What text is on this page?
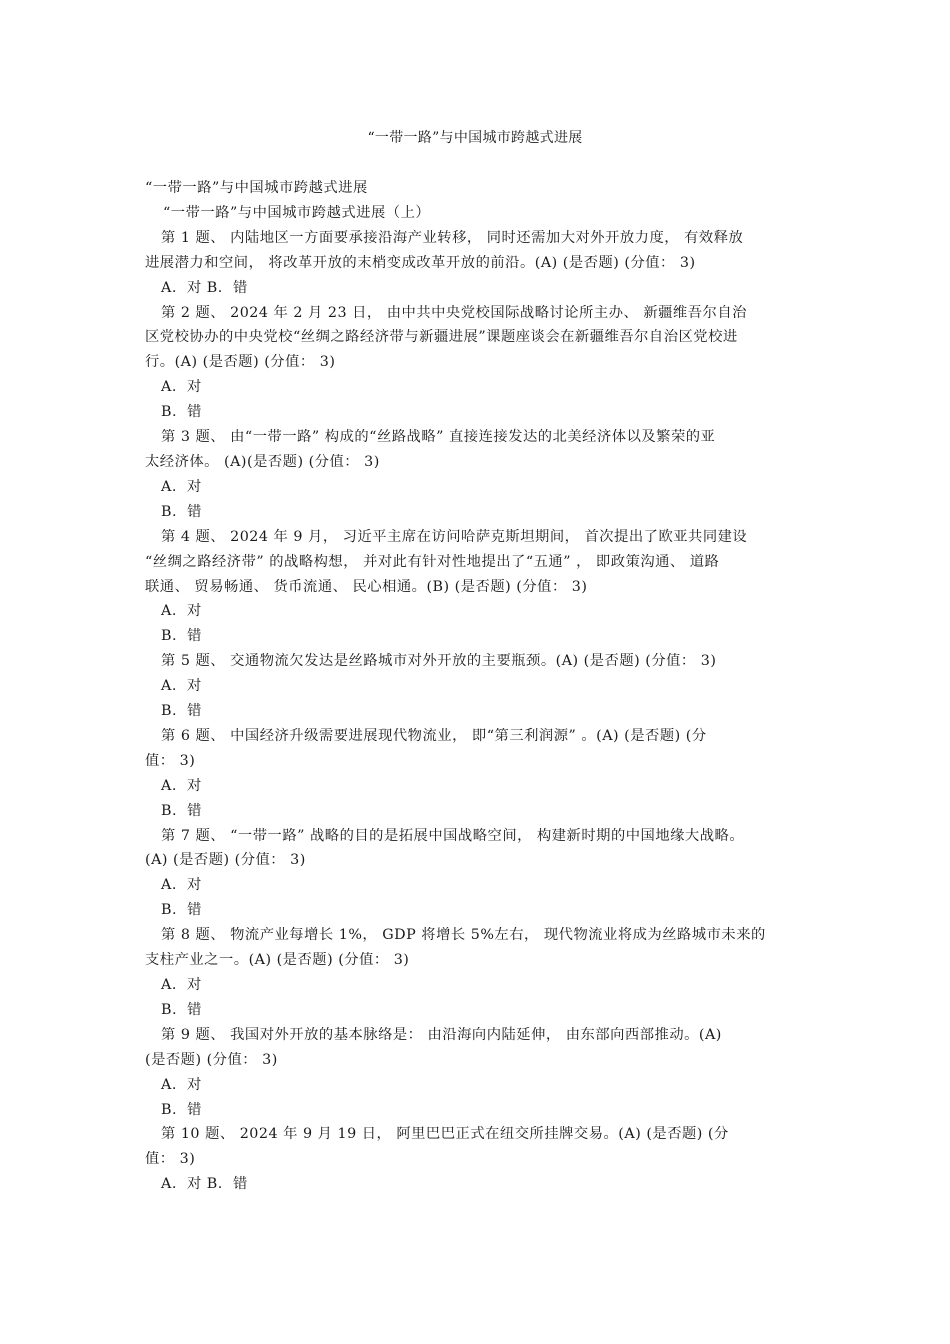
“一带一路”与中国城市跨越式进展
“一带一路”与中国城市跨越式进展
“一带一路”与中国城市跨越式进展（上）
第 1 题、 内陆地区一方面要承接沿海产业转移， 同时还需加大对外开放力度， 有效释放
进展潜力和空间， 将改革开放的末梢变成改革开放的前沿。(A) (是否题) (分值： 3)
A.  对 B.  错
第 2 题、 2024 年 2 月 23 日， 由中共中央党校国际战略讨论所主办、 新疆维吾尔自治
区党校协办的中央党校“丝绸之路经济带与新疆进展”课题座谈会在新疆维吾尔自治区党校进
行。(A) (是否题) (分值： 3)
A.  对
B.  错
第 3 题、 由“一带一路” 构成的“丝路战略” 直接连接发达的北美经济体以及繁荣的亚
太经济体。 (A)(是否题) (分值： 3)
A.  对
B.  错
第 4 题、 2024 年 9 月， 习近平主席在访问哈萨克斯坦期间， 首次提出了欧亚共同建设
“丝绸之路经济带” 的战略构想， 并对此有针对性地提出了“五通” ， 即政策沟通、 道路
联通、 贸易畅通、 货币流通、 民心相通。(B) (是否题) (分值： 3)
A.  对
B.  错
第 5 题、 交通物流欠发达是丝路城市对外开放的主要瓶颈。(A) (是否题) (分值： 3)
A.  对
B.  错
第 6 题、 中国经济升级需要进展现代物流业， 即“第三利润源” 。(A) (是否题) (分
值： 3)
A.  对
B.  错
第 7 题、 “一带一路” 战略的目的是拓展中国战略空间， 构建新时期的中国地缘大战略。
(A) (是否题) (分值： 3)
A.  对
B.  错
第 8 题、 物流产业每增长 1%， GDP 将增长 5%左右， 现代物流业将成为丝路城市未来的
支柱产业之一。(A) (是否题) (分值： 3)
A.  对
B.  错
第 9 题、 我国对外开放的基本脉络是： 由沿海向内陆延伸， 由东部向西部推动。(A)
(是否题) (分值： 3)
A.  对
B.  错
第 10 题、 2024 年 9 月 19 日， 阿里巴巴正式在纽交所挂牌交易。(A) (是否题) (分
值： 3)
A.  对 B.  错
